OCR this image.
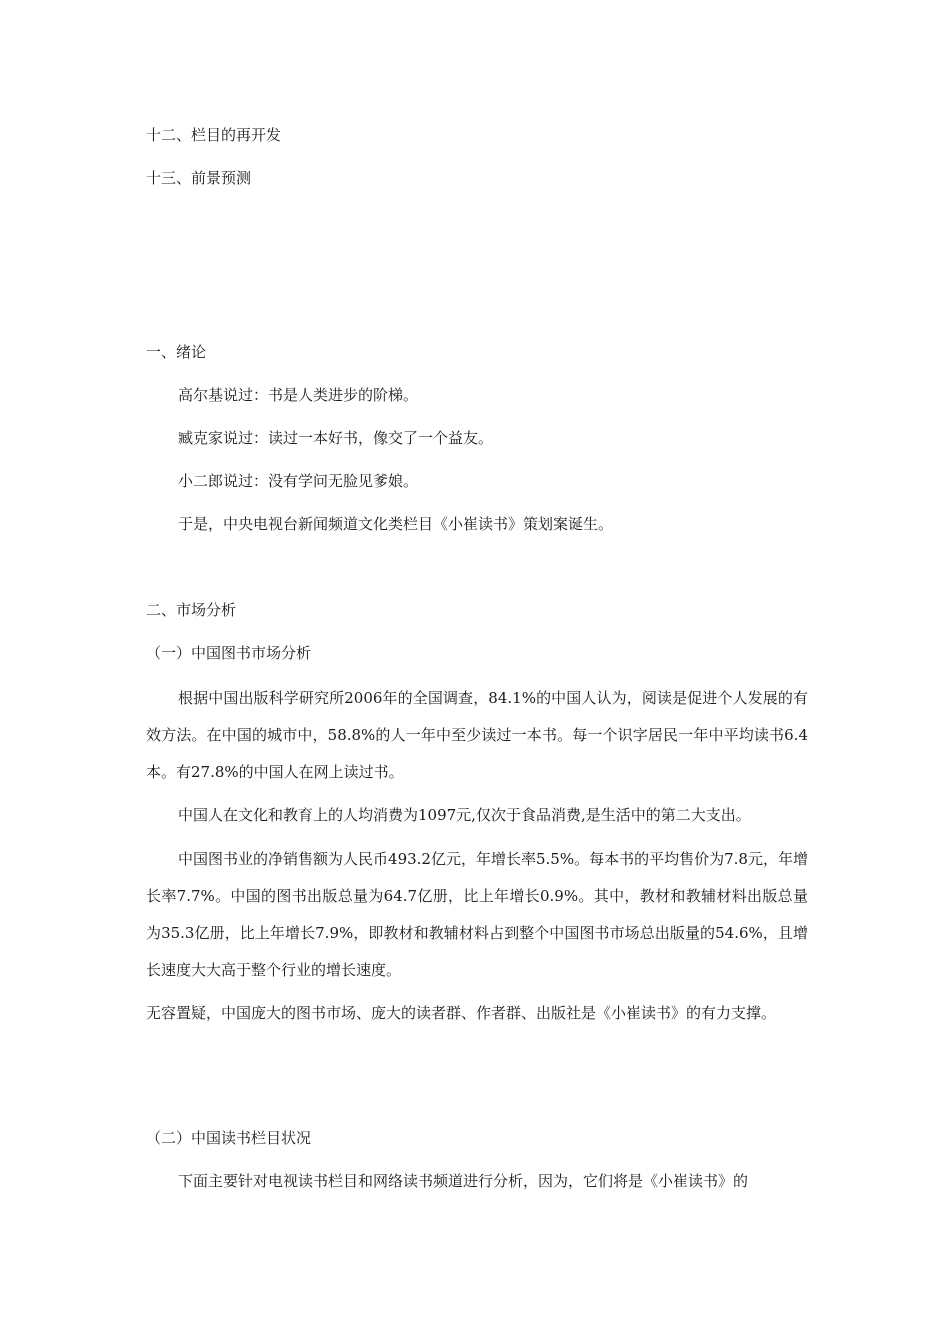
十二、栏目的再开发
十三、前景预测
一、绪论
高尔基说过：书是人类进步的阶梯。
臧克家说过：读过一本好书，像交了一个益友。
小二郎说过：没有学问无脸见爹娘。
于是，中央电视台新闻频道文化类栏目《小崔读书》策划案诞生。
二、市场分析
（一）中国图书市场分析
根据中国出版科学研究所2006年的全国调查，84.1%的中国人认为，阅读是促进个人发展的有效方法。在中国的城市中，58.8%的人一年中至少读过一本书。每一个识字居民一年中平均读书6.4本。有27.8%的中国人在网上读过书。
中国人在文化和教育上的人均消费为1097元,仅次于食品消费,是生活中的第二大支出。
中国图书业的净销售额为人民币493.2亿元，年增长率5.5%。每本书的平均售价为7.8元，年增长率7.7%。中国的图书出版总量为64.7亿册，比上年增长0.9%。其中，教材和教辅材料出版总量为35.3亿册，比上年增长7.9%，即教材和教辅材料占到整个中国图书市场总出版量的54.6%，且增长速度大大高于整个行业的增长速度。
无容置疑，中国庞大的图书市场、庞大的读者群、作者群、出版社是《小崔读书》的有力支撑。
（二）中国读书栏目状况
下面主要针对电视读书栏目和网络读书频道进行分析，因为，它们将是《小崔读书》的
